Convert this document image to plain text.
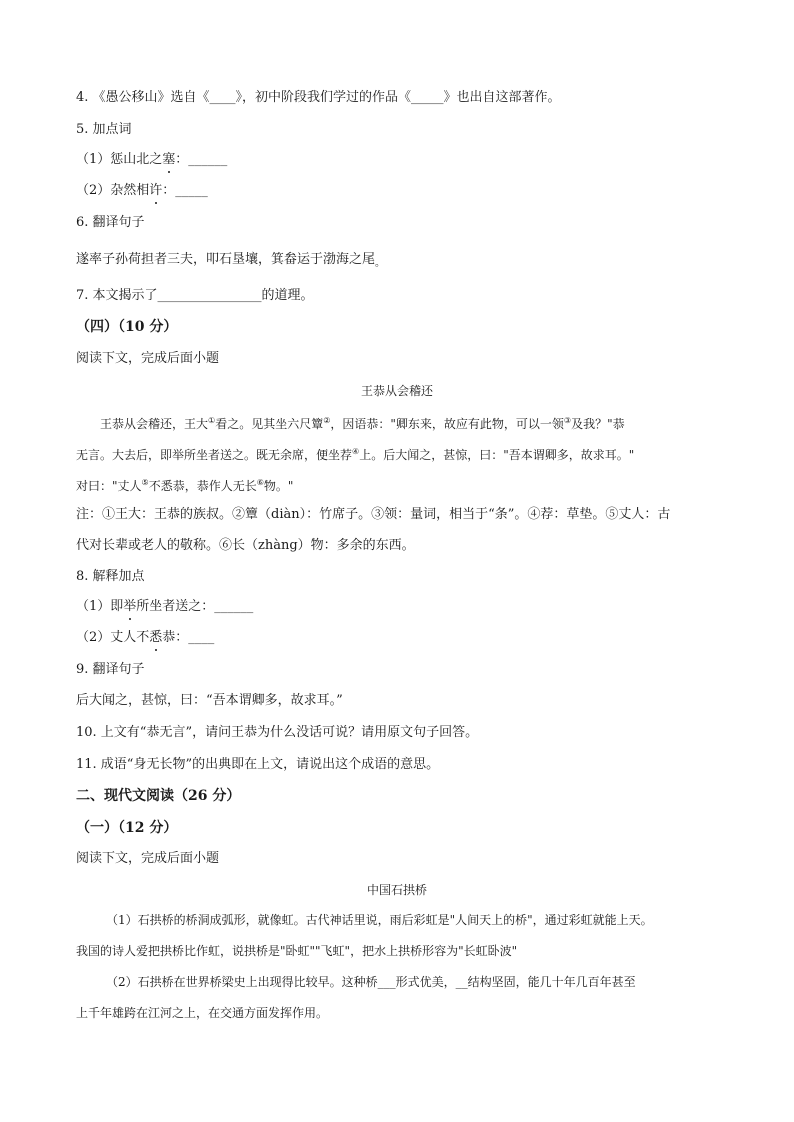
4. 《愚公移山》选自《____》，初中阶段我们学过的作品《_____》也出自这部著作。
5. 加点词
（1）惩山北之塞：______
（2）杂然相许：_____
6. 翻译句子
遂率子孙荷担者三夫，叩石垦壤，箕畚运于渤海之尾$_。$
7. 本文揭示了________________的道理。
（四）（10 分）
阅读下文，完成后面小题
王恭从会稽还
王恭从会稽还，王大①看之。见其坐六尺簟②，因语恭："卿东来，故应有此物，可以一领③及我？"恭
无言。大去后，即举所坐者送之。既无余席，便坐荐④上。后大闻之，甚惊，曰："吾本谓卿多，故求耳。"
对曰："丈人⑤不悉恭，恭作人无长⑥物。"
注：①王大：王恭的族叔。②簟（diàn）：竹席子。③领：量词，相当于“条”。④荐：草垫。⑤丈人：古
代对长辈或老人的敬称。⑥长（zhàng）物：多余的东西。
8. 解释加点
（1）即举所坐者送之：______
（2）丈人不悉恭：____
9. 翻译句子
后大闻之，甚惊，曰：“吾本谓卿多，故求耳。”
10. 上文有“恭无言”，请问王恭为什么没话可说？请用原文句子回答。
11. 成语“身无长物”的出典即在上文，请说出这个成语的意思。
二、现代文阅读（26 分）
（一）（12 分）
阅读下文，完成后面小题
中国石拱桥
（1）石拱桥的桥洞成弧形，就像虹。古代神话里说，雨后彩虹是"人间天上的桥"，通过彩虹就能上天。
我国的诗人爱把拱桥比作虹，说拱桥是"卧虹""飞虹"，把水上拱桥形容为"长虹卧波"
（2）石拱桥在世界桥梁史上出现得比较早。这种桥___形式优美，__结构坚固，能几十年几百年甚至
上千年雄跨在江河之上，在交通方面发挥作用。
